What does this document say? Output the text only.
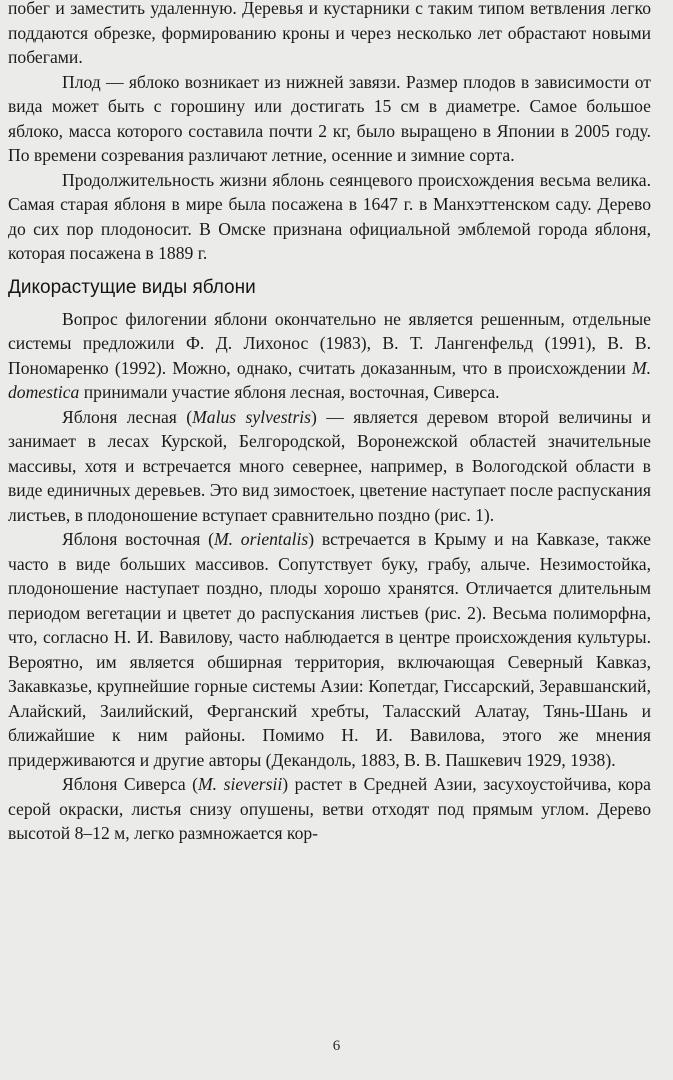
побег и заместить удаленную. Деревья и кустарники с таким типом ветвления легко поддаются обрезке, формированию кроны и через несколько лет обрастают новыми побегами.

Плод — яблоко возникает из нижней завязи. Размер плодов в зависимости от вида может быть с горошину или достигать 15 см в диаметре. Самое большое яблоко, масса которого составила почти 2 кг, было выращено в Японии в 2005 году. По времени созревания различают летние, осенние и зимние сорта.

Продолжительность жизни яблонь сеянцевого происхождения весьма велика. Самая старая яблоня в мире была посажена в 1647 г. в Манхэттенском саду. Дерево до сих пор плодоносит. В Омске признана официальной эмблемой города яблоня, которая посажена в 1889 г.

Дикорастущие виды яблони

Вопрос филогении яблони окончательно не является решенным, отдельные системы предложили Ф. Д. Лихонос (1983), В. Т. Лангенфельд (1991), В. В. Пономаренко (1992). Можно, однако, считать доказанным, что в происхождении M. domestica принимали участие яблоня лесная, восточная, Сиверса.

Яблоня лесная (Malus sylvestris) — является деревом второй величины и занимает в лесах Курской, Белгородской, Воронежской областей значительные массивы, хотя и встречается много севернее, например, в Вологодской области в виде единичных деревьев. Это вид зимостоек, цветение наступает после распускания листьев, в плодоношение вступает сравнительно поздно (рис. 1).

Яблоня восточная (M. orientalis) встречается в Крыму и на Кавказе, также часто в виде больших массивов. Сопутствует буку, грабу, алыче. Незимостойка, плодоношение наступает поздно, плоды хорошо хранятся. Отличается длительным периодом вегетации и цветет до распускания листьев (рис. 2). Весьма полиморфна, что, согласно Н. И. Вавилову, часто наблюдается в центре происхождения культуры. Вероятно, им является обширная территория, включающая Северный Кавказ, Закавказье, крупнейшие горные системы Азии: Копетдаг, Гиссарский, Зеравшанский, Алайский, Заилийский, Ферганский хребты, Таласский Алатау, Тянь-Шань и ближайшие к ним районы. Помимо Н. И. Вавилова, этого же мнения придерживаются и другие авторы (Декандоль, 1883, В. В. Пашкевич 1929, 1938).

Яблоня Сиверса (M. sieversii) растет в Средней Азии, засухоустойчива, кора серой окраски, листья снизу опушены, ветви отходят под прямым углом. Дерево высотой 8–12 м, легко размножается кор-

6
